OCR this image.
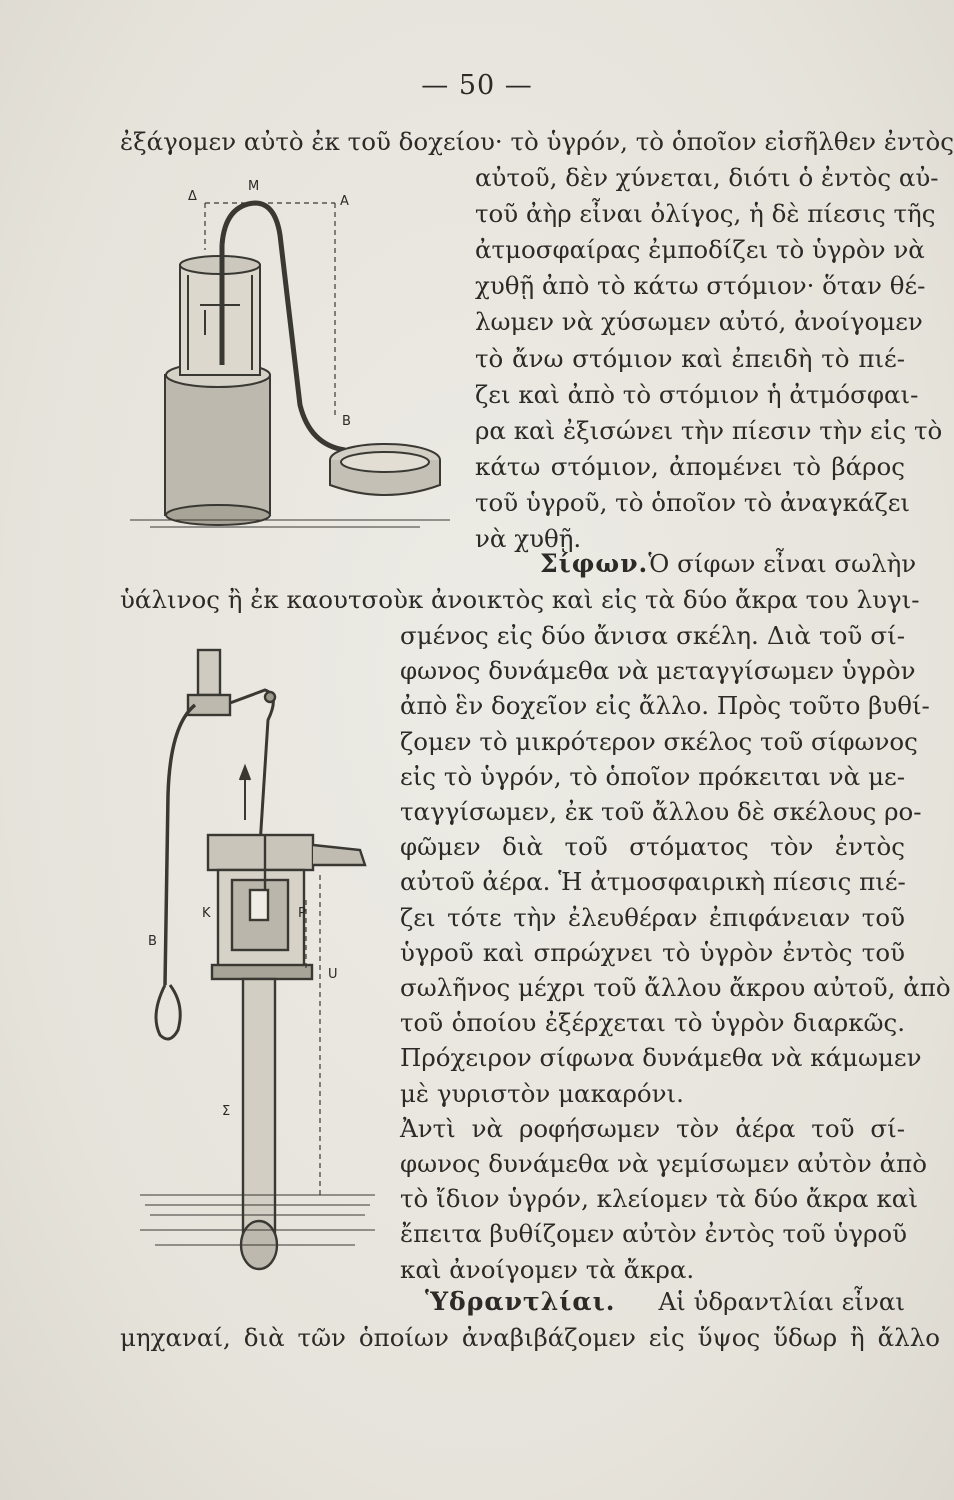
— 50 —
ἐξάγομεν αὐτὸ ἐκ τοῦ δοχείου· τὸ ὑγρόν, τὸ ὁποῖον εἰσῆλθεν ἐντὸς
αὐτοῦ, δὲν χύνεται, διότι ὁ ἐντὸς αὐ-
τοῦ ἀὴρ εἶναι ὀλίγος, ἡ δὲ πίεσις τῆς
ἀτμοσφαίρας ἐμποδίζει τὸ ὑγρὸν νὰ
χυθῇ ἀπὸ τὸ κάτω στόμιον· ὅταν θέ-
λωμεν νὰ χύσωμεν αὐτό, ἀνοίγομεν
τὸ ἄνω στόμιον καὶ ἐπειδὴ τὸ πιέ-
ζει καὶ ἀπὸ τὸ στόμιον ἡ ἀτμόσφαι-
ρα καὶ ἐξισώνει τὴν πίεσιν τὴν εἰς τὸ
κάτω στόμιον, ἀπομένει τὸ βάρος
τοῦ ὑγροῦ, τὸ ὁποῖον τὸ ἀναγκάζει
νὰ χυθῇ.
Σίφων. Ὁ σίφων εἶναι σωλὴν
ὑάλινος ἢ ἐκ καουτσοὺκ ἀνοικτὸς καὶ εἰς τὰ δύο ἄκρα του λυγι-
σμένος εἰς δύο ἄνισα σκέλη. Διὰ τοῦ σί-
φωνος δυνάμεθα νὰ μεταγγίσωμεν ὑγρὸν
ἀπὸ ἓν δοχεῖον εἰς ἄλλο. Πρὸς τοῦτο βυθί-
ζομεν τὸ μικρότερον σκέλος τοῦ σίφωνος
εἰς τὸ ὑγρόν, τὸ ὁποῖον πρόκειται νὰ με-
ταγγίσωμεν, ἐκ τοῦ ἄλλου δὲ σκέλους ρο-
φῶμεν διὰ τοῦ στόματος τὸν ἐντὸς
αὐτοῦ ἀέρα. Ἡ ἀτμοσφαιρικὴ πίεσις πιέ-
ζει τότε τὴν ἐλευθέραν ἐπιφάνειαν τοῦ
ὑγροῦ καὶ σπρώχνει τὸ ὑγρὸν ἐντὸς τοῦ
σωλῆνος μέχρι τοῦ ἄλλου ἄκρου αὐτοῦ, ἀπὸ
τοῦ ὁποίου ἐξέρχεται τὸ ὑγρὸν διαρκῶς.
Πρόχειρον σίφωνα δυνάμεθα νὰ κάμωμεν
μὲ γυριστὸν μακαρόνι.
Ἀντὶ νὰ ροφήσωμεν τὸν ἀέρα τοῦ σί-
φωνος δυνάμεθα νὰ γεμίσωμεν αὐτὸν ἀπὸ
τὸ ἴδιον ὑγρόν, κλείομεν τὰ δύο ἄκρα καὶ
ἔπειτα βυθίζομεν αὐτὸν ἐντὸς τοῦ ὑγροῦ
καὶ ἀνοίγομεν τὰ ἄκρα.
Ὑδραντλίαι. Αἱ ὑδραντλίαι εἶναι
μηχαναί, διὰ τῶν ὁποίων ἀναβιβάζομεν εἰς ὕψος ὕδωρ ἢ ἄλλο
Δ
Μ
Α
Β
Κ	Ρ
Β
U
Σ
